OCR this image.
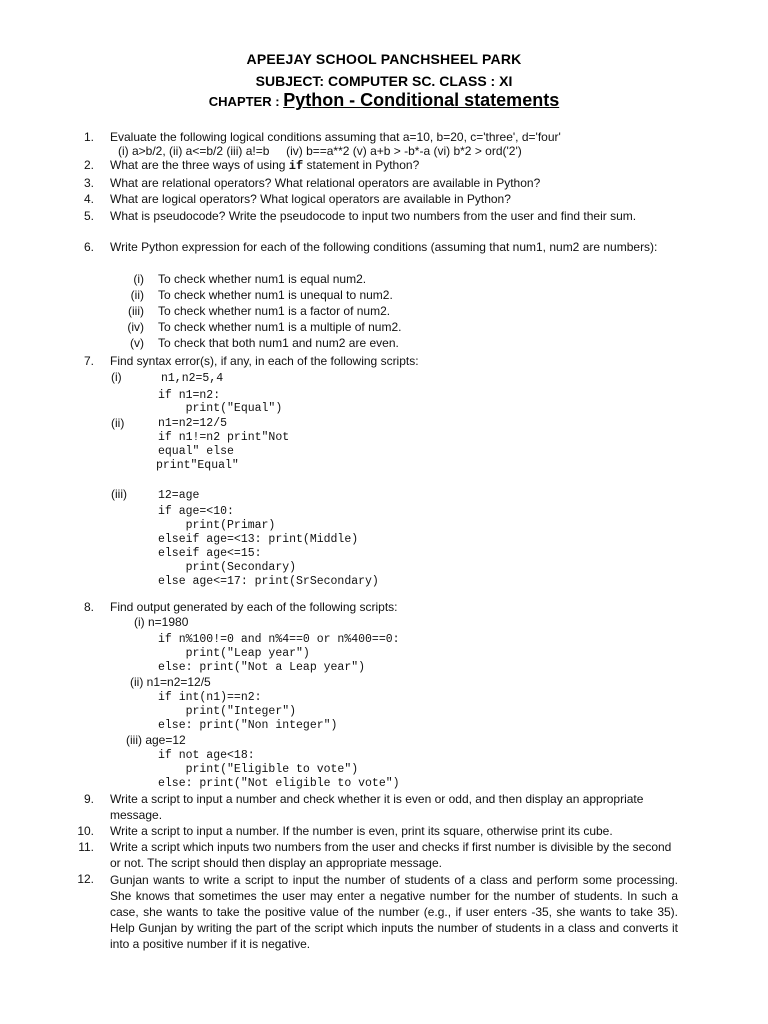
APEEJAY SCHOOL PANCHSHEEL PARK
SUBJECT: COMPUTER SC. CLASS : XI
CHAPTER : Python - Conditional statements
1. Evaluate the following logical conditions assuming that a=10, b=20, c='three', d='four'
(i) a>b/2, (ii) a<=b/2 (iii) a!=b     (iv) b==a**2 (v) a+b > -b*-a (vi) b*2 > ord('2')
2. What are the three ways of using if statement in Python?
3. What are relational operators? What relational operators are available in Python?
4. What are logical operators? What logical operators are available in Python?
5. What is pseudocode? Write the pseudocode to input two numbers from the user and find their sum.
6. Write Python expression for each of the following conditions (assuming that num1, num2 are numbers):
(i) To check whether num1 is equal num2.
(ii) To check whether num1 is unequal to num2.
(iii) To check whether num1 is a factor of num2.
(iv) To check whether num1 is a multiple of num2.
(v) To check that both num1 and num2 are even.
7. Find syntax error(s), if any, in each of the following scripts:
(i)	n1,n2=5,4
if n1=n2:
print("Equal")
(ii)	n1=n2=12/5
if n1!=n2 print"Not
equal" else
print"Equal"
(iii)	12=age
if age=<10:
print(Primar)
elseif age=<13: print(Middle)
elseif age<=15:
print(Secondary)
else age<=17: print(SrSecondary)
8. Find output generated by each of the following scripts:
(i) n=1980
if n%100!=0 and n%4==0 or n%400==0:
print("Leap year")
else: print("Not a Leap year")
(ii) n1=n2=12/5
if int(n1)==n2:
print("Integer")
else: print("Non integer")
(iii) age=12
if not age<18:
print("Eligible to vote")
else: print("Not eligible to vote")
9. Write a script to input a number and check whether it is even or odd, and then display an appropriate message.
10. Write a script to input a number. If the number is even, print its square, otherwise print its cube.
11. Write a script which inputs two numbers from the user and checks if first number is divisible by the second or not. The script should then display an appropriate message.
12. Gunjan wants to write a script to input the number of students of a class and perform some processing. She knows that sometimes the user may enter a negative number for the number of students. In such a case, she wants to take the positive value of the number (e.g., if user enters -35, she wants to take 35). Help Gunjan by writing the part of the script which inputs the number of students in a class and converts it into a positive number if it is negative.
